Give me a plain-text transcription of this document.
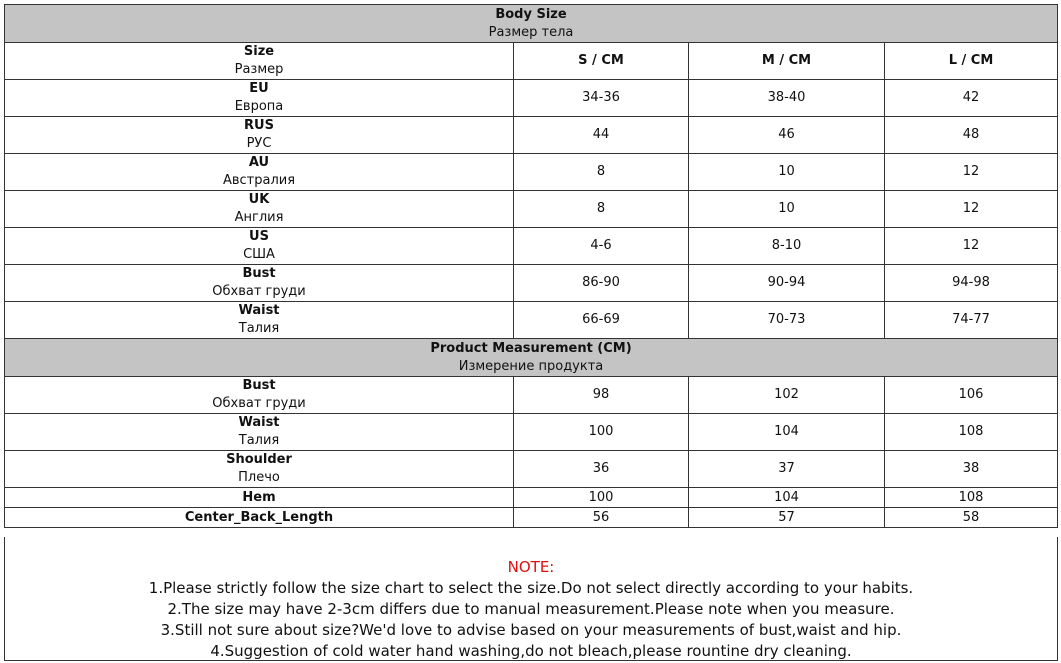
Body Size
Размер тела			

Size
Размер	S / CM	M / CM	L / CM

EU
Европа	34-36	38-40	42

RUS
РУС	44	46	48

AU
Австралия	8	10	12

UK
Англия	8	10	12

US
США	4-6	8-10	12

Bust
Обхват груди	86-90	90-94	94-98

Waist
Талия	66-69	70-73	74-77

Product Measurement (CM)
Измерение продукта			

Bust
Обхват груди	98	102	106

Waist
Талия	100	104	108

Shoulder
Плечо	36	37	38

Hem	100	104	108

Center_Back_Length	56	57	58
NOTE:
1.Please strictly follow the size chart to select the size.Do not select directly according to your habits.
2.The size may have 2-3cm differs due to manual measurement.Please note when you measure.
3.Still not sure about size?We'd love to advise based on your measurements of bust,waist and hip.
4.Suggestion of cold water hand washing,do not bleach,please rountine dry cleaning.
